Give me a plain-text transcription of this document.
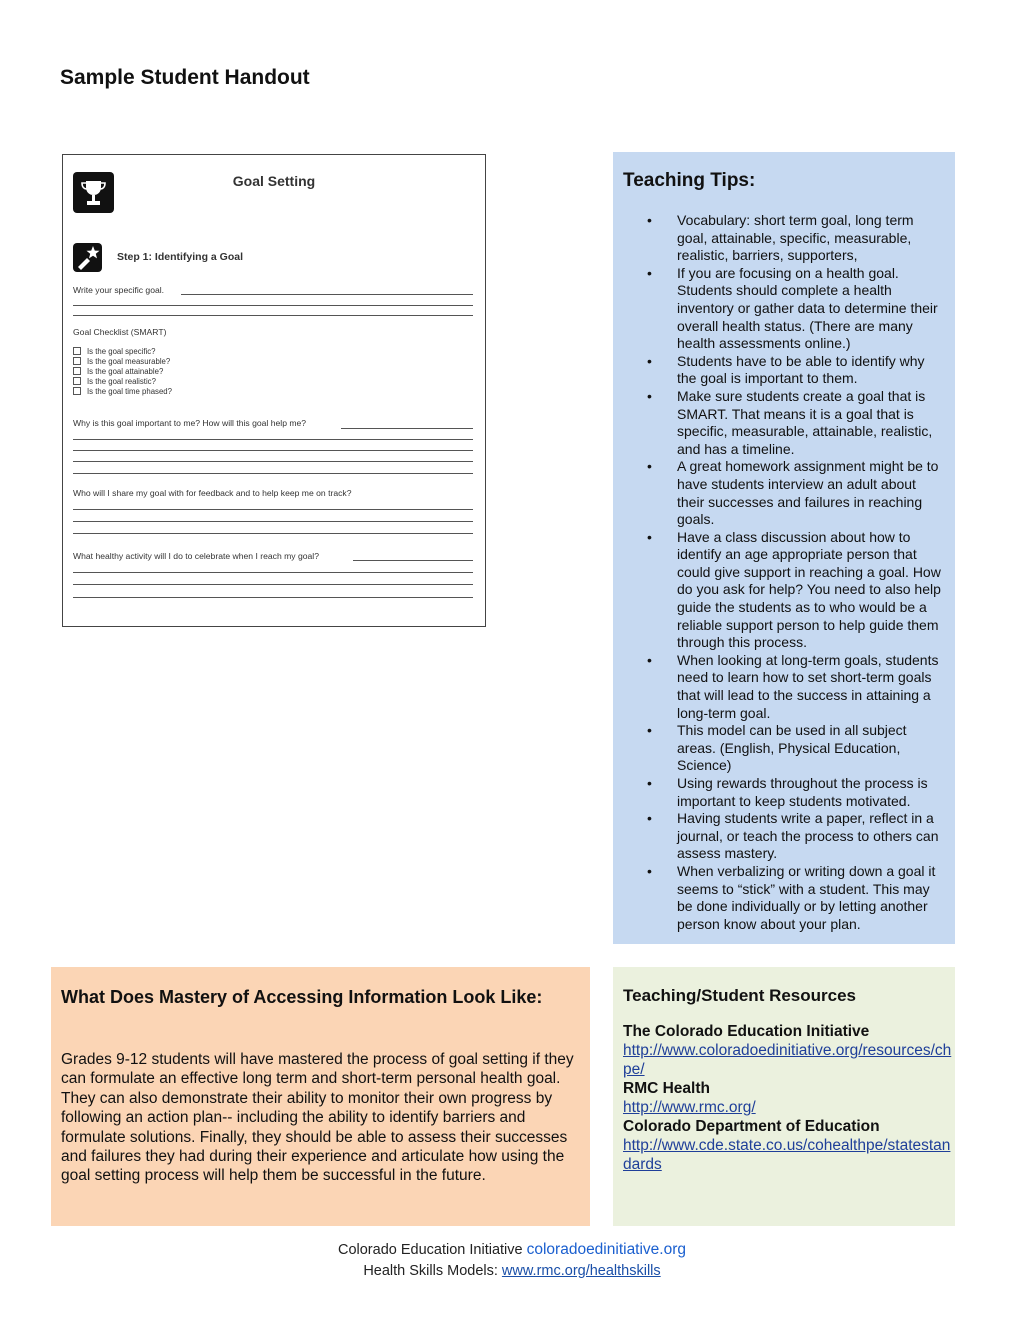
Sample Student Handout
Goal Setting
Step 1: Identifying a Goal
Write your specific goal.
Goal Checklist (SMART)
Is the goal specific?
Is the goal measurable?
Is the goal attainable?
Is the goal realistic?
Is the goal time phased?
Why is this goal important to me? How will this goal help me?
Who will I share my goal with for feedback and to help keep me on track?
What healthy activity will I do to celebrate when I reach my goal?
Teaching Tips:
• Vocabulary: short term goal, long term goal, attainable, specific, measurable, realistic, barriers, supporters,
• If you are focusing on a health goal. Students should complete a health inventory or gather data to determine their overall health status. (There are many health assessments online.)
• Students have to be able to identify why the goal is important to them.
• Make sure students create a goal that is SMART. That means it is a goal that is specific, measurable, attainable, realistic, and has a timeline.
• A great homework assignment might be to have students interview an adult about their successes and failures in reaching goals.
• Have a class discussion about how to identify an age appropriate person that could give support in reaching a goal. How do you ask for help? You need to also help guide the students as to who would be a reliable support person to help guide them through this process.
• When looking at long-term goals, students need to learn how to set short-term goals that will lead to the success in attaining a long-term goal.
• This model can be used in all subject areas. (English, Physical Education, Science)
• Using rewards throughout the process is important to keep students motivated.
• Having students write a paper, reflect in a journal, or teach the process to others can assess mastery.
• When verbalizing or writing down a goal it seems to “stick” with a student. This may be done individually or by letting another person know about your plan.
What Does Mastery of Accessing Information Look Like:
Grades 9-12 students will have mastered the process of goal setting if they can formulate an effective long term and short-term personal health goal. They can also demonstrate their ability to monitor their own progress by following an action plan-- including the ability to identify barriers and formulate solutions. Finally, they should be able to assess their successes and failures they had during their experience and articulate how using the goal setting process will help them be successful in the future.
Teaching/Student Resources
The Colorado Education Initiative
http://www.coloradoedinitiative.org/resources/chpe/
RMC Health
http://www.rmc.org/
Colorado Department of Education
http://www.cde.state.co.us/cohealthpe/statestandards
Colorado Education Initiative coloradoedinitiative.org
Health Skills Models: www.rmc.org/healthskills
